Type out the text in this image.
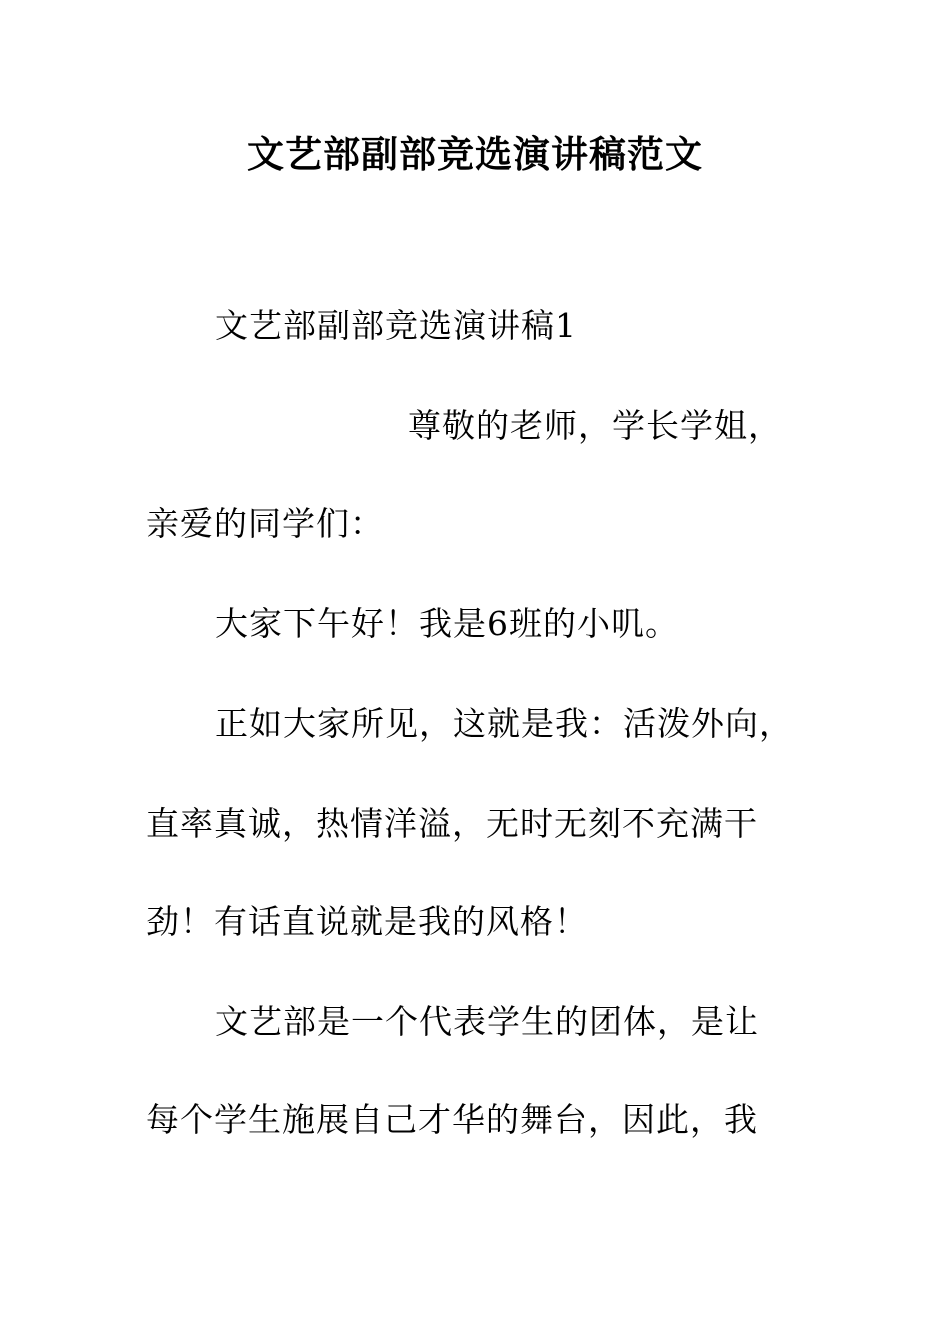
文艺部副部竞选演讲稿范文
文艺部副部竞选演讲稿1
尊敬的老师，学长学姐，
亲爱的同学们：
大家下午好！我是6班的小叽。
正如大家所见，这就是我：活泼外向，
直率真诚，热情洋溢，无时无刻不充满干
劲！有话直说就是我的风格！
文艺部是一个代表学生的团体，是让
每个学生施展自己才华的舞台，因此，我
